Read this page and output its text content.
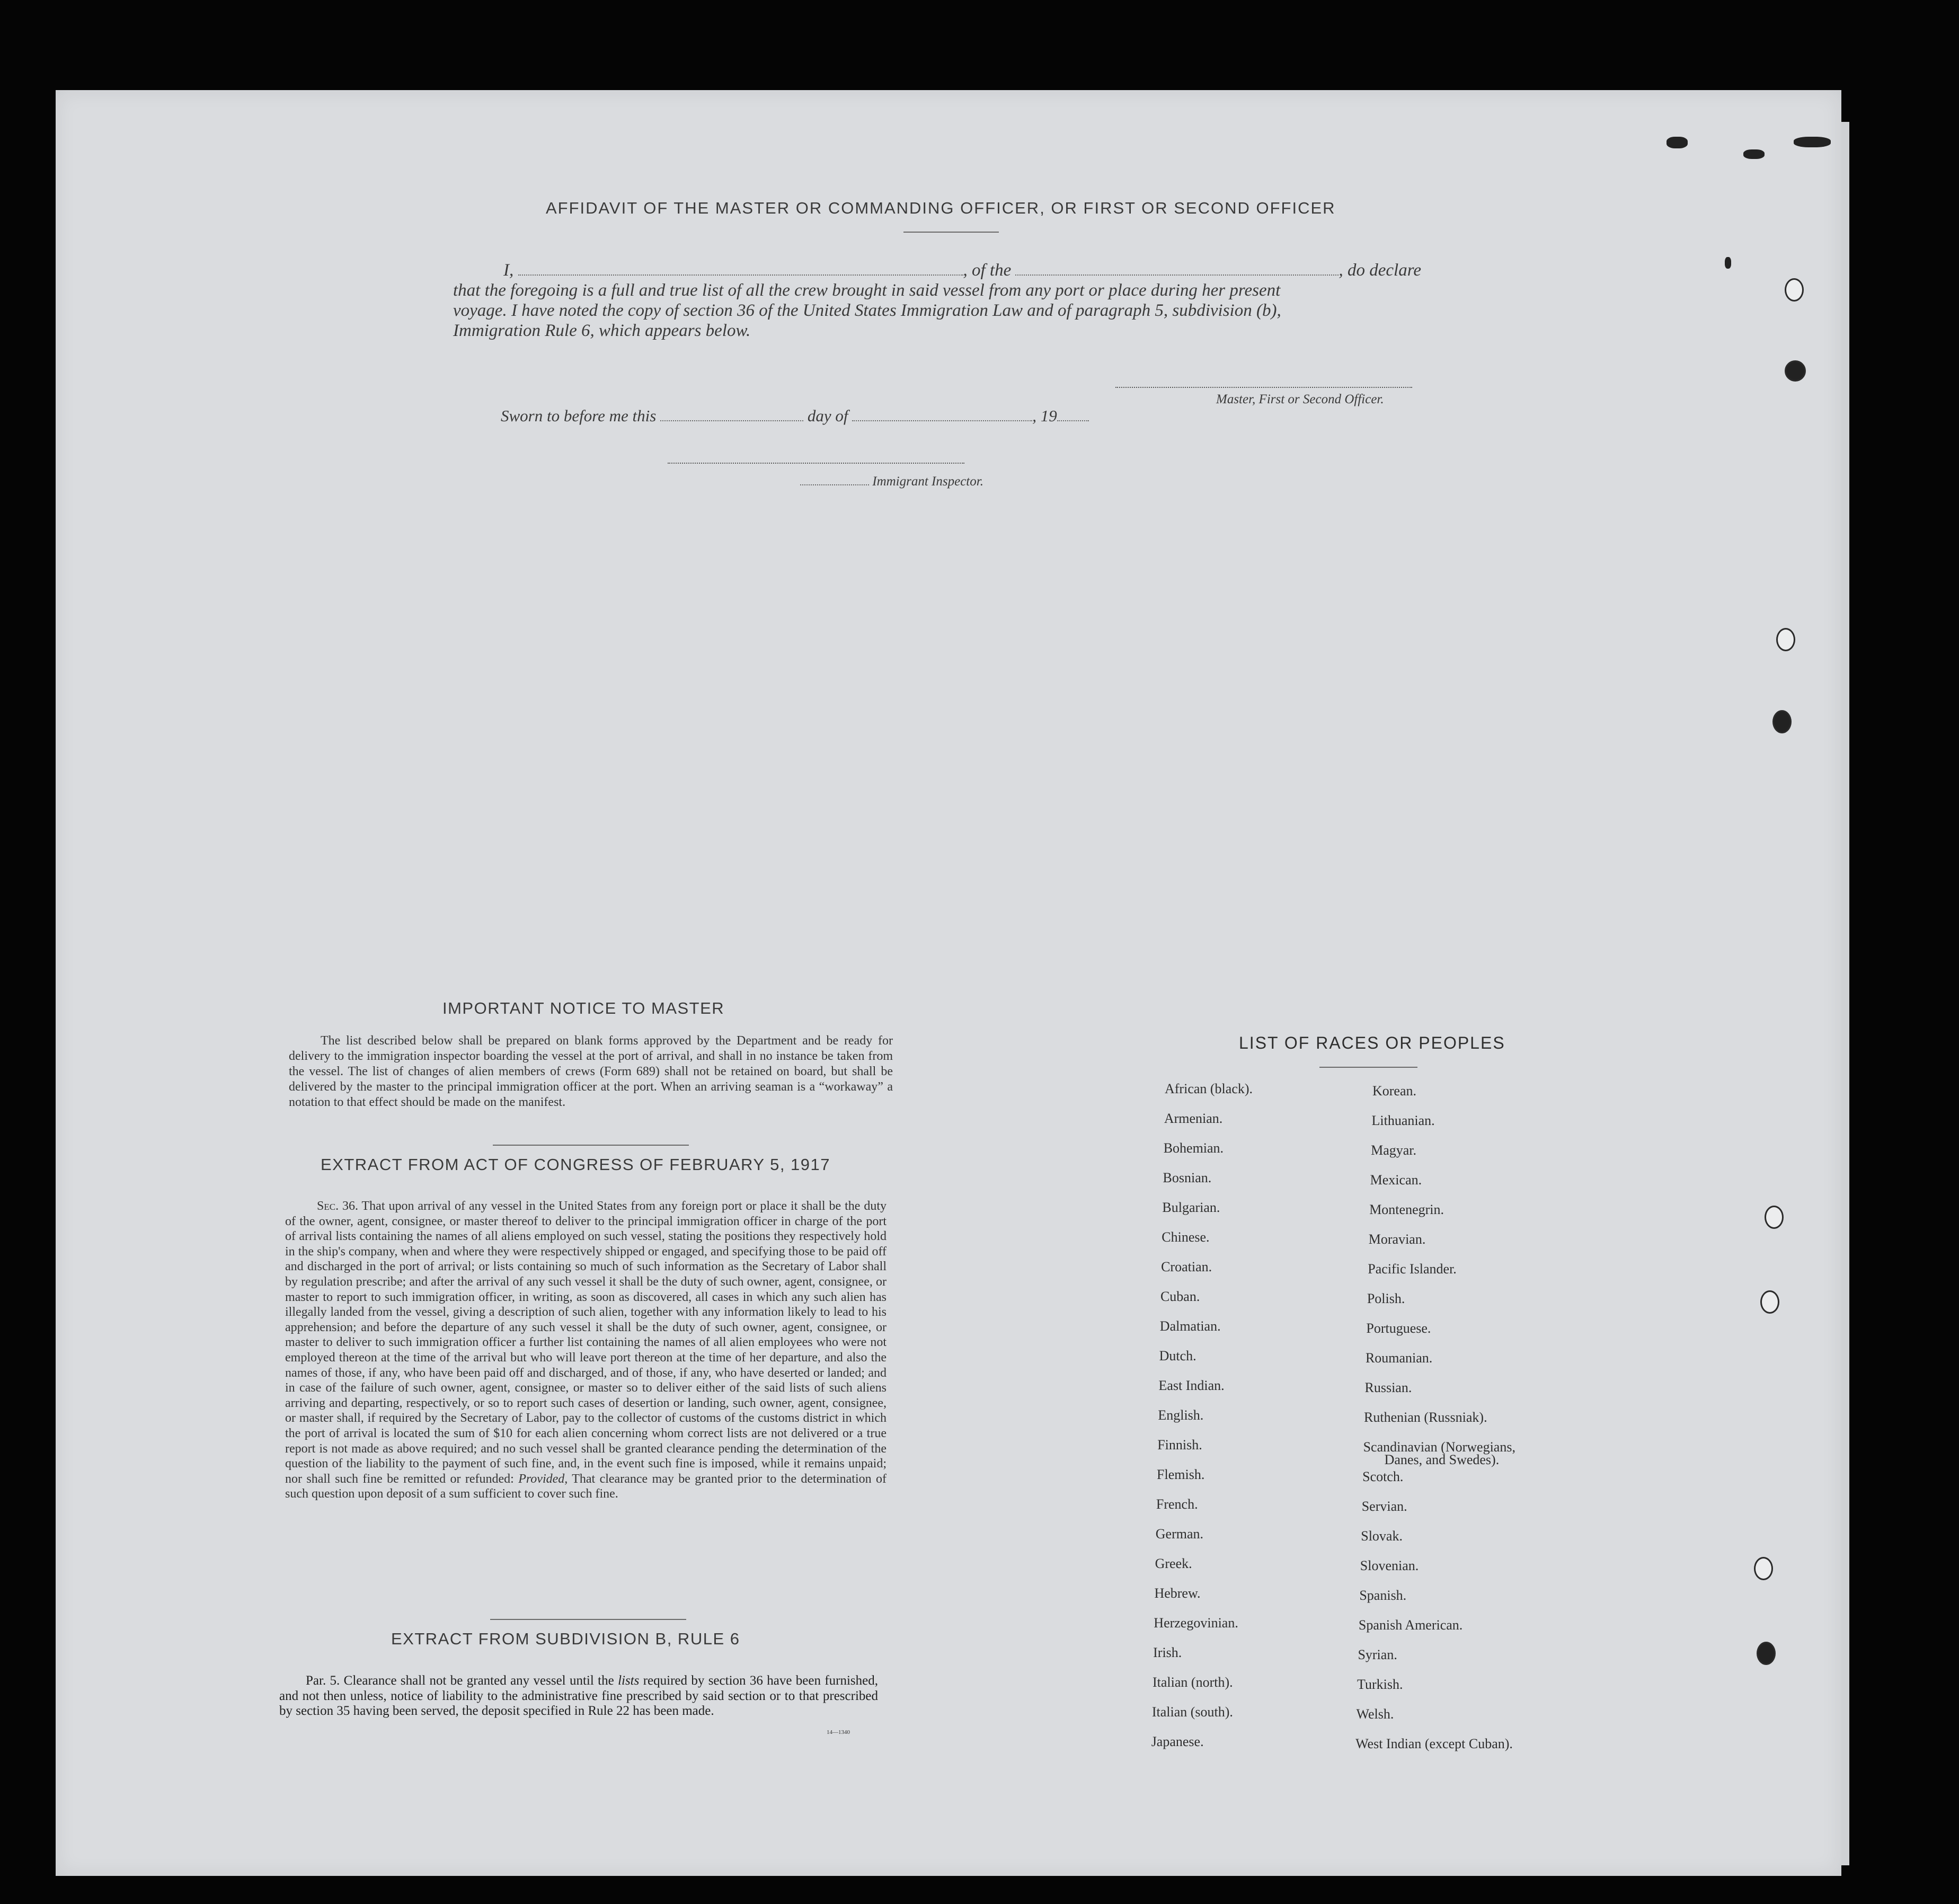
AFFIDAVIT OF THE MASTER OR COMMANDING OFFICER, OR FIRST OR SECOND OFFICER
I,	, of the	, do declare
that the foregoing is a full and true list of all the crew brought in said vessel from any port or place during her present
voyage. I have noted the copy of section 36 of the United States Immigration Law and of paragraph 5, subdivision (b),
Immigration Rule 6, which appears below.
Master, First or Second Officer.
Sworn to before me this	day of	, 19
Immigrant Inspector.
IMPORTANT NOTICE TO MASTER
The list described below shall be prepared on blank forms approved by the Department and be ready for delivery to the immigration inspector boarding the vessel at the port of arrival, and shall in no instance be taken from the vessel. The list of changes of alien members of crews (Form 689) shall not be retained on board, but shall be delivered by the master to the principal immigration officer at the port. When an arriving seaman is a “workaway” a notation to that effect should be made on the manifest.
EXTRACT FROM ACT OF CONGRESS OF FEBRUARY 5, 1917
Sec. 36. That upon arrival of any vessel in the United States from any foreign port or place it shall be the duty of the owner, agent, consignee, or master thereof to deliver to the principal immigration officer in charge of the port of arrival lists containing the names of all aliens employed on such vessel, stating the positions they respectively hold in the ship's company, when and where they were respectively shipped or engaged, and specifying those to be paid off and discharged in the port of arrival; or lists containing so much of such information as the Secretary of Labor shall by regulation prescribe; and after the arrival of any such vessel it shall be the duty of such owner, agent, consignee, or master to report to such immigration officer, in writing, as soon as discovered, all cases in which any such alien has illegally landed from the vessel, giving a description of such alien, together with any information likely to lead to his apprehension; and before the departure of any such vessel it shall be the duty of such owner, agent, consignee, or master to deliver to such immigration officer a further list containing the names of all alien employees who were not employed thereon at the time of the arrival but who will leave port thereon at the time of her departure, and also the names of those, if any, who have been paid off and discharged, and of those, if any, who have deserted or landed; and in case of the failure of such owner, agent, consignee, or master so to deliver either of the said lists of such aliens arriving and departing, respectively, or so to report such cases of desertion or landing, such owner, agent, consignee, or master shall, if required by the Secretary of Labor, pay to the collector of customs of the customs district in which the port of arrival is located the sum of $10 for each alien concerning whom correct lists are not delivered or a true report is not made as above required; and no such vessel shall be granted clearance pending the determination of the question of the liability to the payment of such fine, and, in the event such fine is imposed, while it remains unpaid; nor shall such fine be remitted or refunded: Provided, That clearance may be granted prior to the determination of such question upon deposit of a sum sufficient to cover such fine.
EXTRACT FROM SUBDIVISION B, RULE 6
Par. 5. Clearance shall not be granted any vessel until the lists required by section 36 have been furnished, and not then unless, notice of liability to the administrative fine prescribed by said section or to that prescribed by section 35 having been served, the deposit specified in Rule 22 has been made.
14—1340
LIST OF RACES OR PEOPLES
African (black).
Armenian.
Bohemian.
Bosnian.
Bulgarian.
Chinese.
Croatian.
Cuban.
Dalmatian.
Dutch.
East Indian.
English.
Finnish.
Flemish.
French.
German.
Greek.
Hebrew.
Herzegovinian.
Irish.
Italian (north).
Italian (south).
Japanese.
Korean.
Lithuanian.
Magyar.
Mexican.
Montenegrin.
Moravian.
Pacific Islander.
Polish.
Portuguese.
Roumanian.
Russian.
Ruthenian (Russniak).
Scandinavian (Norwegians,
Danes, and Swedes).
Scotch.
Servian.
Slovak.
Slovenian.
Spanish.
Spanish American.
Syrian.
Turkish.
Welsh.
West Indian (except Cuban).
